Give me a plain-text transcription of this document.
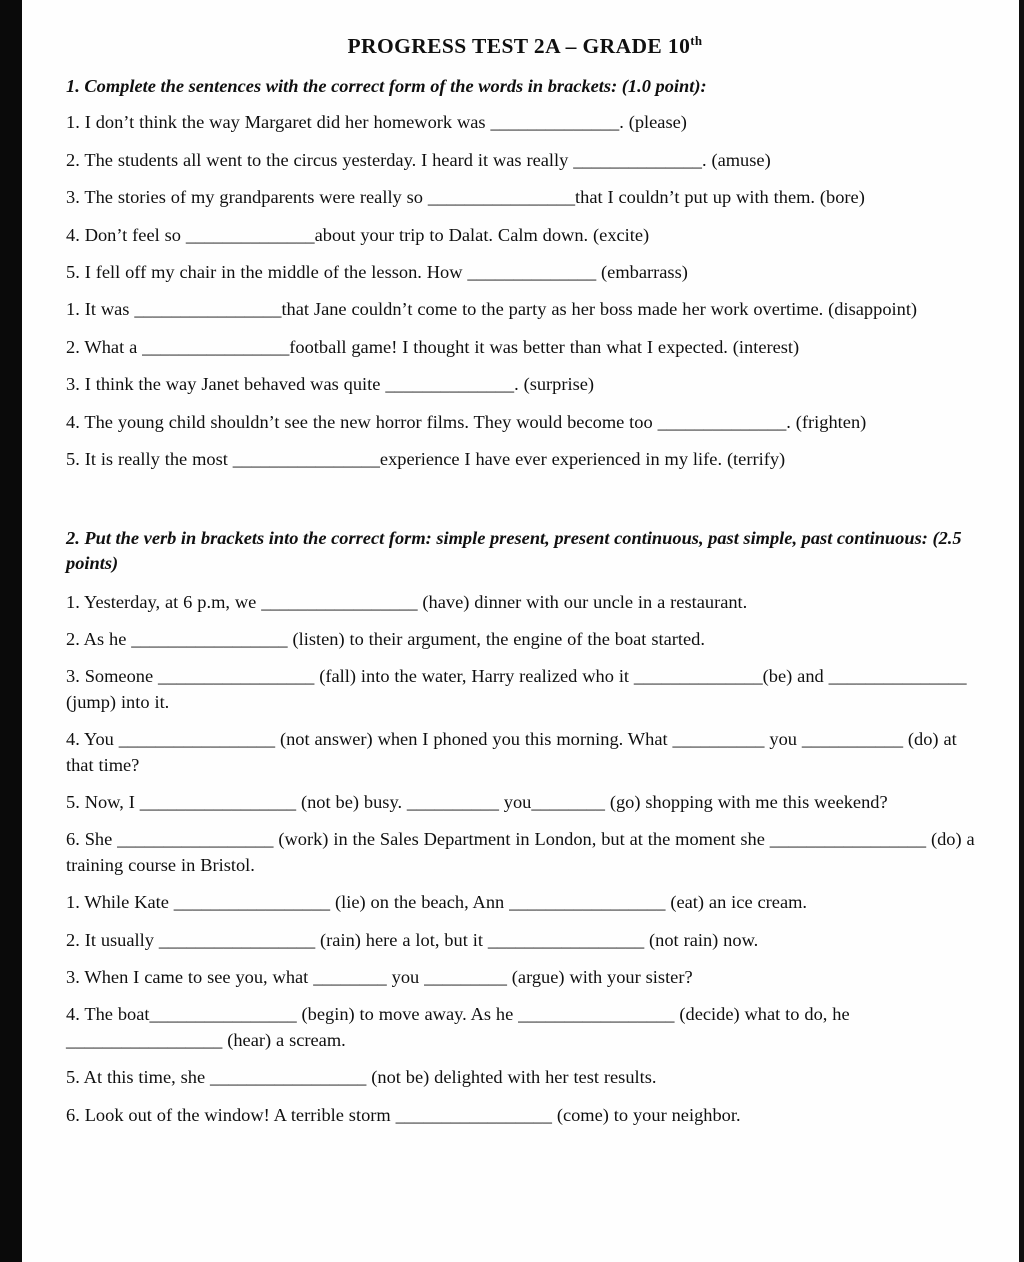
PROGRESS TEST 2A – GRADE 10th

1. Complete the sentences with the correct form of the words in brackets: (1.0 point):

1. I don’t think the way Margaret did her homework was ______________. (please)

2. The students all went to the circus yesterday. I heard it was really ______________. (amuse)

3. The stories of my grandparents were really so ________________that I couldn’t put up with them. (bore)

4. Don’t feel so ______________about your trip to Dalat. Calm down. (excite)

5. I fell off my chair in the middle of the lesson. How ______________ (embarrass)

1. It was ________________that Jane couldn’t come to the party as her boss made her work overtime. (disappoint)

2. What a ________________football game! I thought it was better than what I expected. (interest)

3. I think the way Janet behaved was quite ______________. (surprise)

4. The young child shouldn’t see the new horror films. They would become too ______________. (frighten)

5. It is really the most ________________experience I have ever experienced in my life. (terrify)

2. Put the verb in brackets into the correct form: simple present, present continuous, past simple, past continuous: (2.5 points)

1. Yesterday, at 6 p.m, we _________________ (have) dinner with our uncle in a restaurant.

2. As he _________________ (listen) to their argument, the engine of the boat started.

3. Someone _________________ (fall) into the water, Harry realized who it ______________(be) and _______________ (jump) into it.

4. You _________________ (not answer) when I phoned you this morning. What __________ you ___________ (do) at that time?

5. Now, I _________________ (not be) busy. __________ you________ (go) shopping with me this weekend?

6. She _________________ (work) in the Sales Department in London, but at the moment she _________________ (do) a training course in Bristol.

1. While Kate _________________ (lie) on the beach, Ann _________________ (eat) an ice cream.

2. It usually _________________ (rain) here a lot, but it _________________ (not rain) now.

3. When I came to see you, what ________ you _________ (argue) with your sister?

4. The boat________________ (begin) to move away. As he _________________ (decide) what to do, he _________________ (hear) a scream.

5. At this time, she _________________ (not be) delighted with her test results.

6. Look out of the window! A terrible storm _________________ (come) to your neighbor.
